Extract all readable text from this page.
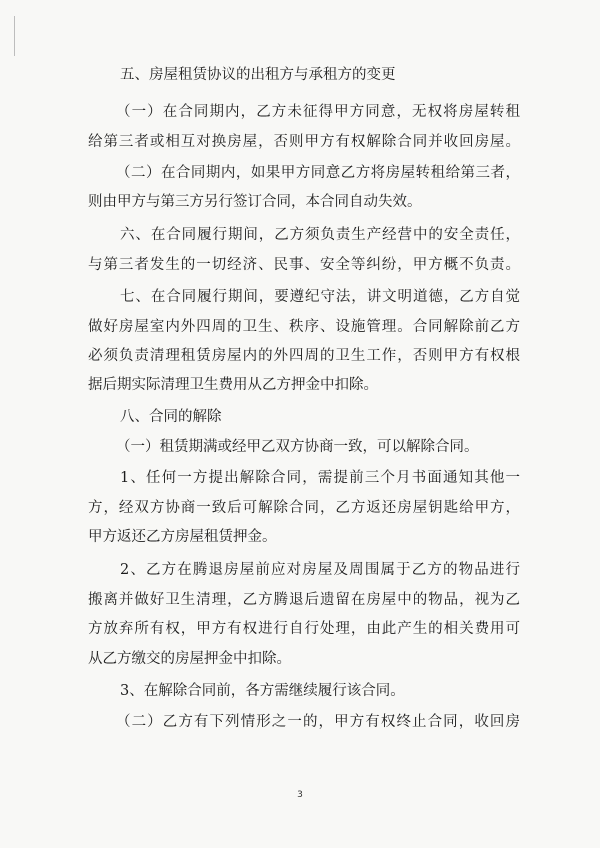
五、房屋租赁协议的出租方与承租方的变更
（一）在合同期内，乙方未征得甲方同意，无权将房屋转租
给第三者或相互对换房屋，否则甲方有权解除合同并收回房屋。
（二）在合同期内，如果甲方同意乙方将房屋转租给第三者，
则由甲方与第三方另行签订合同，本合同自动失效。
六、在合同履行期间，乙方须负责生产经营中的安全责任，
与第三者发生的一切经济、民事、安全等纠纷，甲方概不负责。
七、在合同履行期间，要遵纪守法，讲文明道德，乙方自觉
做好房屋室内外四周的卫生、秩序、设施管理。合同解除前乙方
必须负责清理租赁房屋内的外四周的卫生工作，否则甲方有权根
据后期实际清理卫生费用从乙方押金中扣除。
八、合同的解除
（一）租赁期满或经甲乙双方协商一致，可以解除合同。
1、任何一方提出解除合同，需提前三个月书面通知其他一
方，经双方协商一致后可解除合同，乙方返还房屋钥匙给甲方，
甲方返还乙方房屋租赁押金。
2、乙方在腾退房屋前应对房屋及周围属于乙方的物品进行
搬离并做好卫生清理，乙方腾退后遗留在房屋中的物品，视为乙
方放弃所有权，甲方有权进行自行处理，由此产生的相关费用可
从乙方缴交的房屋押金中扣除。
3、在解除合同前，各方需继续履行该合同。
（二）乙方有下列情形之一的，甲方有权终止合同，收回房
3
